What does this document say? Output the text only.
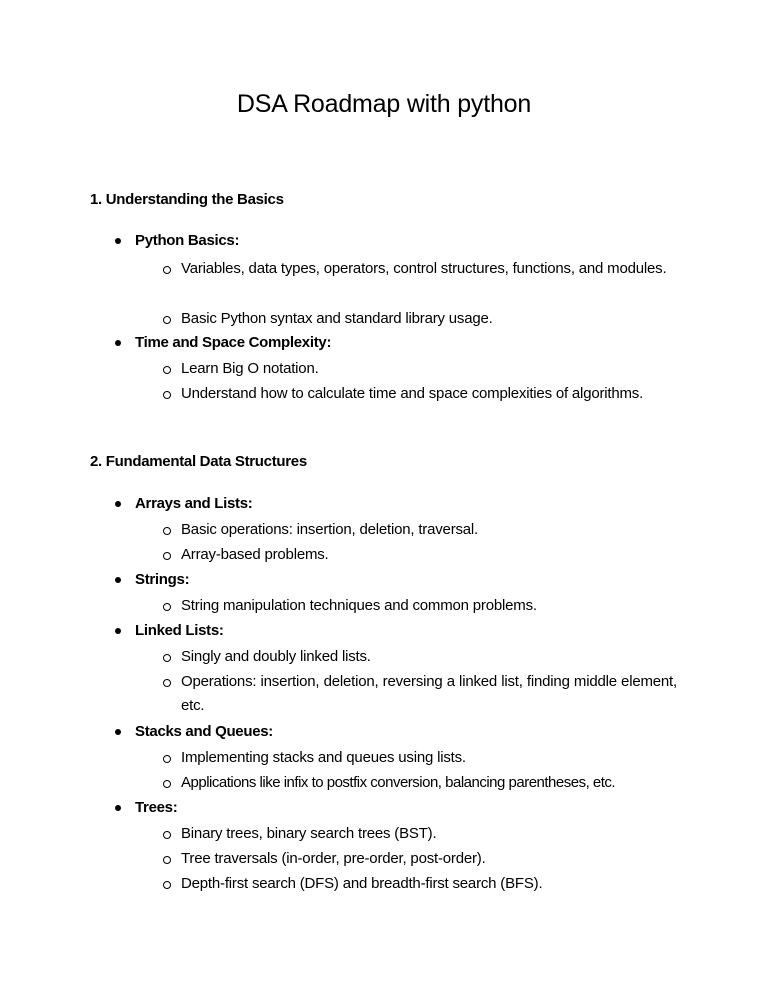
DSA Roadmap with python
1. Understanding the Basics
Python Basics:
Variables, data types, operators, control structures, functions, and modules.
Basic Python syntax and standard library usage.
Time and Space Complexity:
Learn Big O notation.
Understand how to calculate time and space complexities of algorithms.
2. Fundamental Data Structures
Arrays and Lists:
Basic operations: insertion, deletion, traversal.
Array-based problems.
Strings:
String manipulation techniques and common problems.
Linked Lists:
Singly and doubly linked lists.
Operations: insertion, deletion, reversing a linked list, finding middle element, etc.
Stacks and Queues:
Implementing stacks and queues using lists.
Applications like infix to postfix conversion, balancing parentheses, etc.
Trees:
Binary trees, binary search trees (BST).
Tree traversals (in-order, pre-order, post-order).
Depth-first search (DFS) and breadth-first search (BFS).
